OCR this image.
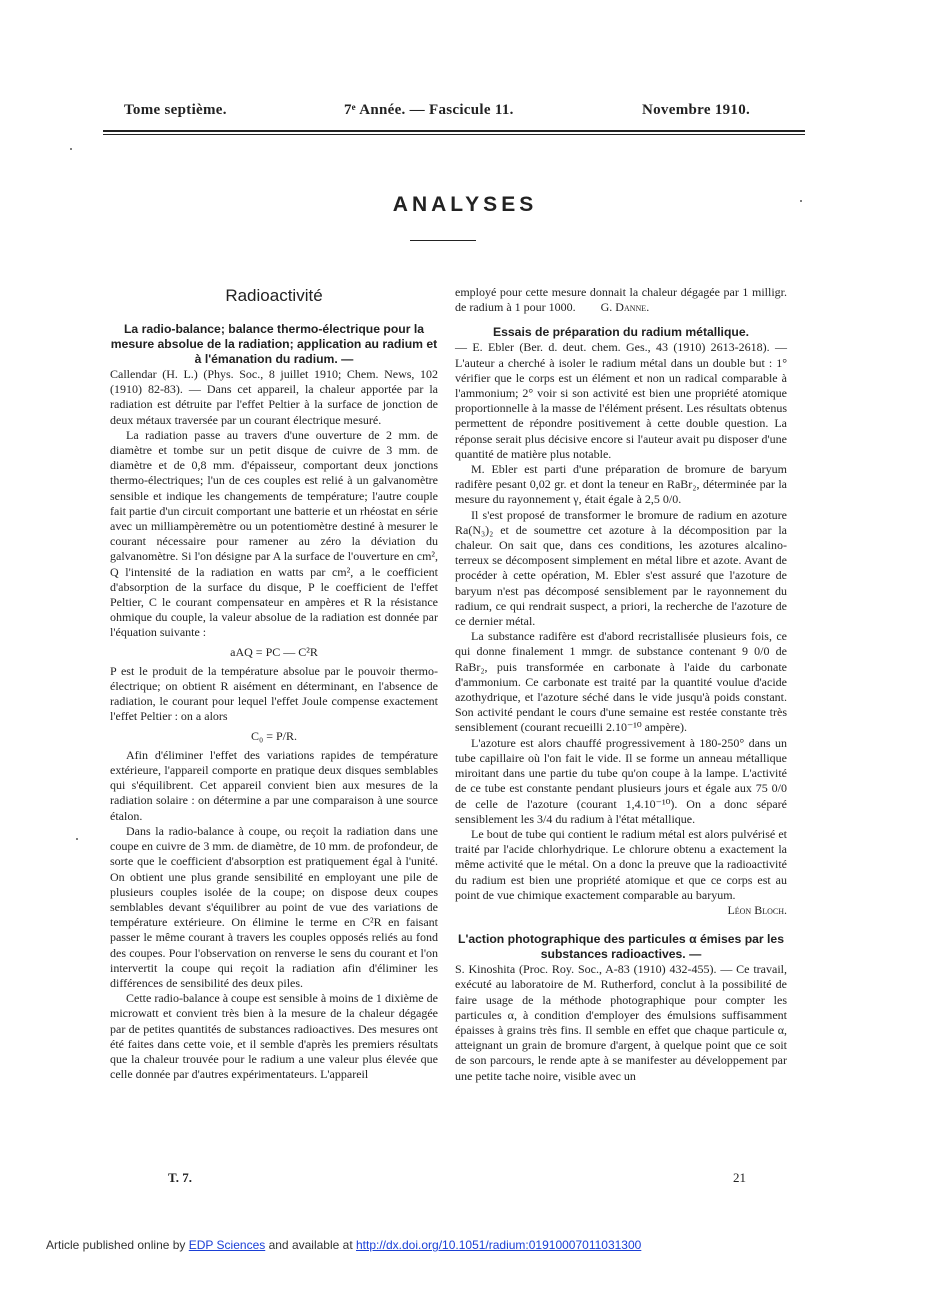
Tome septième.	7ᵉ Année. — Fascicule 11.	Novembre 1910.
ANALYSES
Radioactivité

La radio-balance; balance thermo-électrique pour la mesure absolue de la radiation; application au radium et à l'émanation du radium. —

Callendar (H. L.) (Phys. Soc., 8 juillet 1910; Chem. News, 102 (1910) 82-83). — Dans cet appareil, la chaleur apportée par la radiation est détruite par l'effet Peltier à la surface de jonction de deux métaux traversée par un courant électrique mesuré.

La radiation passe au travers d'une ouverture de 2 mm. de diamètre et tombe sur un petit disque de cuivre de 3 mm. de diamètre et de 0,8 mm. d'épaisseur, comportant deux jonctions thermo-électriques; l'un de ces couples est relié à un galvanomètre sensible et indique les changements de température; l'autre couple fait partie d'un circuit comportant une batterie et un rhéostat en série avec un milliampèremètre ou un potentiomètre destiné à mesurer le courant nécessaire pour ramener au zéro la déviation du galvanomètre. Si l'on désigne par A la surface de l'ouverture en cm², Q l'intensité de la radiation en watts par cm², a le coefficient d'absorption de la surface du disque, P le coefficient de l'effet Peltier, C le courant compensateur en ampères et R la résistance ohmique du couple, la valeur absolue de la radiation est donnée par l'équation suivante :

aAQ = PC — C²R

P est le produit de la température absolue par le pouvoir thermo-électrique; on obtient R aisément en déterminant, en l'absence de radiation, le courant pour lequel l'effet Joule compense exactement l'effet Peltier : on a alors

C₀ = P/R.

Afin d'éliminer l'effet des variations rapides de température extérieure, l'appareil comporte en pratique deux disques semblables qui s'équilibrent. Cet appareil convient bien aux mesures de la radiation solaire : on détermine a par une comparaison à une source étalon.

Dans la radio-balance à coupe, ou reçoit la radiation dans une coupe en cuivre de 3 mm. de diamètre, de 10 mm. de profondeur, de sorte que le coefficient d'absorption est pratiquement égal à l'unité. On obtient une plus grande sensibilité en employant une pile de plusieurs couples isolée de la coupe; on dispose deux coupes semblables devant s'équilibrer au point de vue des variations de température extérieure. On élimine le terme en C²R en faisant passer le même courant à travers les couples opposés reliés au fond des coupes. Pour l'observation on renverse le sens du courant et l'on intervertit la coupe qui reçoit la radiation afin d'éliminer les différences de sensibilité des deux piles.

Cette radio-balance à coupe est sensible à moins de 1 dixième de microwatt et convient très bien à la mesure de la chaleur dégagée par de petites quantités de substances radioactives. Des mesures ont été faites dans cette voie, et il semble d'après les premiers résultats que la chaleur trouvée pour le radium a une valeur plus élevée que celle donnée par d'autres expérimentateurs. L'appareil

employé pour cette mesure donnait la chaleur dégagée par 1 milligr. de radium à 1 pour 1000. G. Danne.

Essais de préparation du radium métallique.

— E. Ebler (Ber. d. deut. chem. Ges., 43 (1910) 2613-2618). — L'auteur a cherché à isoler le radium métal dans un double but : 1° vérifier que le corps est un élément et non un radical comparable à l'ammonium; 2° voir si son activité est bien une propriété atomique proportionnelle à la masse de l'élément présent. Les résultats obtenus permettent de répondre positivement à cette double question. La réponse serait plus décisive encore si l'auteur avait pu disposer d'une quantité de matière plus notable.

M. Ebler est parti d'une préparation de bromure de baryum radifère pesant 0,02 gr. et dont la teneur en RaBr₂, déterminée par la mesure du rayonnement γ, était égale à 2,5 0/0.

Il s'est proposé de transformer le bromure de radium en azoture Ra(N₃)₂ et de soumettre cet azoture à la décomposition par la chaleur. On sait que, dans ces conditions, les azotures alcalino-terreux se décomposent simplement en métal libre et azote. Avant de procéder à cette opération, M. Ebler s'est assuré que l'azoture de baryum n'est pas décomposé sensiblement par le rayonnement du radium, ce qui rendrait suspect, a priori, la recherche de l'azoture de ce dernier métal.

La substance radifère est d'abord recristallisée plusieurs fois, ce qui donne finalement 1 mmgr. de substance contenant 9 0/0 de RaBr₂, puis transformée en carbonate à l'aide du carbonate d'ammonium. Ce carbonate est traité par la quantité voulue d'acide azothydrique, et l'azoture séché dans le vide jusqu'à poids constant. Son activité pendant le cours d'une semaine est restée constante très sensiblement (courant recueilli 2.10⁻¹⁰ ampère).

L'azoture est alors chauffé progressivement à 180-250° dans un tube capillaire où l'on fait le vide. Il se forme un anneau métallique miroitant dans une partie du tube qu'on coupe à la lampe. L'activité de ce tube est constante pendant plusieurs jours et égale aux 75 0/0 de celle de l'azoture (courant 1,4.10⁻¹⁰). On a donc séparé sensiblement les 3/4 du radium à l'état métallique.

Le bout de tube qui contient le radium métal est alors pulvérisé et traité par l'acide chlorhydrique. Le chlorure obtenu a exactement la même activité que le métal. On a donc la preuve que la radioactivité du radium est bien une propriété atomique et que ce corps est au point de vue chimique exactement comparable au baryum.

Léon Bloch.

L'action photographique des particules α émises par les substances radioactives. —

S. Kinoshita (Proc. Roy. Soc., A-83 (1910) 432-455). — Ce travail, exécuté au laboratoire de M. Rutherford, conclut à la possibilité de faire usage de la méthode photographique pour compter les particules α, à condition d'employer des émulsions suffisamment épaisses à grains très fins. Il semble en effet que chaque particule α, atteignant un grain de bromure d'argent, à quelque point que ce soit de son parcours, le rende apte à se manifester au développement par une petite tache noire, visible avec un

T. 7.	21
Article published online by EDP Sciences and available at http://dx.doi.org/10.1051/radium:01910007011031300
